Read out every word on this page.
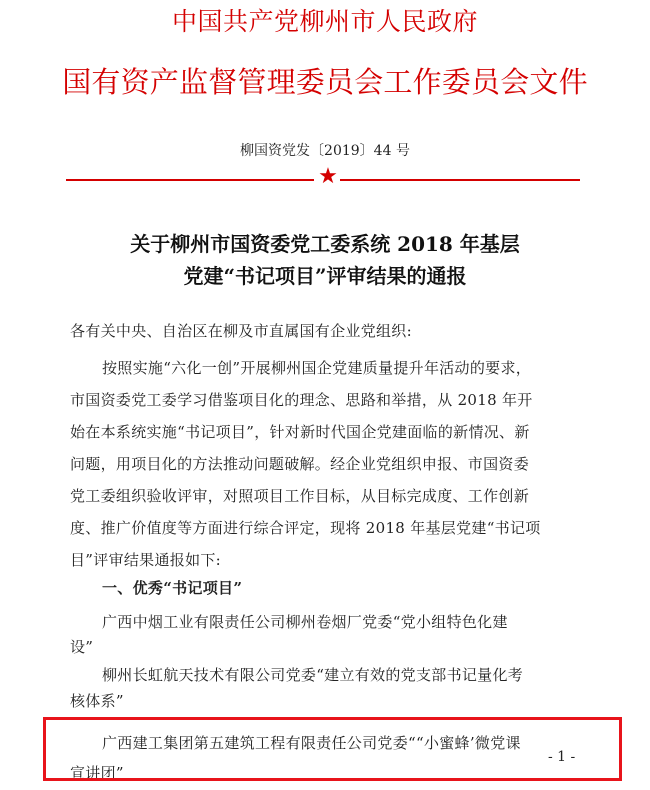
中国共产党柳州市人民政府
国有资产监督管理委员会工作委员会文件
柳国资党发〔2019〕44 号
★
关于柳州市国资委党工委系统 2018 年基层
党建“书记项目”评审结果的通报
各有关中央、自治区在柳及市直属国有企业党组织:
按照实施“六化一创”开展柳州国企党建质量提升年活动的要求，
市国资委党工委学习借鉴项目化的理念、思路和举措，从 2018 年开
始在本系统实施“书记项目”，针对新时代国企党建面临的新情况、新
问题，用项目化的方法推动问题破解。经企业党组织申报、市国资委
党工委组织验收评审，对照项目工作目标，从目标完成度、工作创新
度、推广价值度等方面进行综合评定，现将 2018 年基层党建“书记项
目”评审结果通报如下:
一、优秀“书记项目”
广西中烟工业有限责任公司柳州卷烟厂党委“党小组特色化建
设”
柳州长虹航天技术有限公司党委“建立有效的党支部书记量化考
核体系”
广西建工集团第五建筑工程有限责任公司党委““小蜜蜂’微党课
宣讲团”
- 1 -
